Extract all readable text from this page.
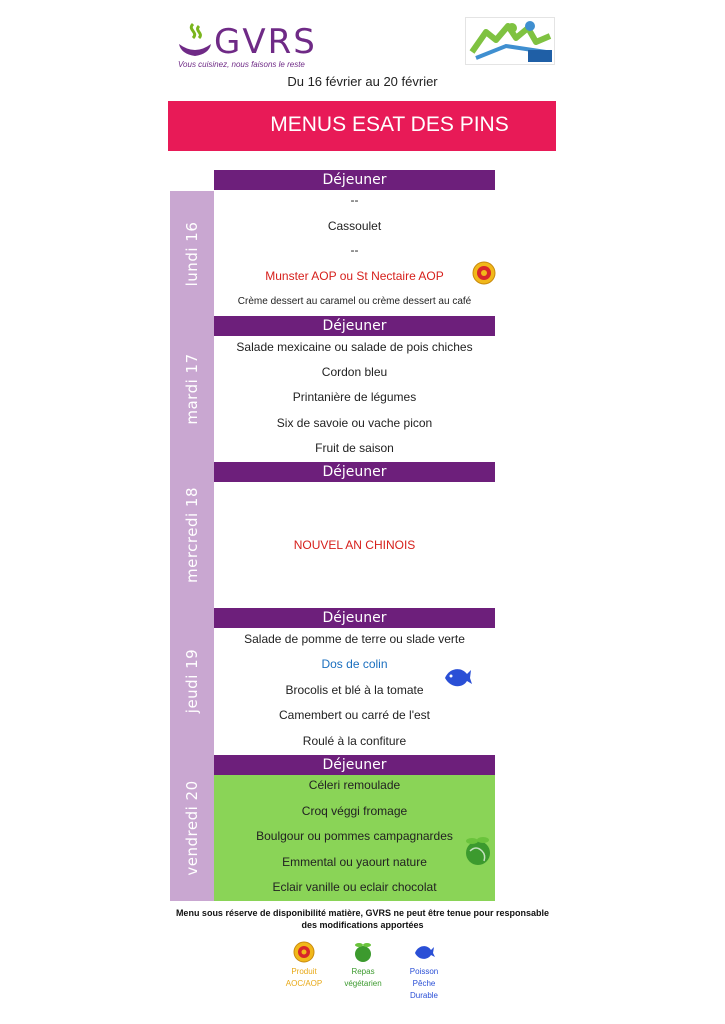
GVRS
Vous cuisinez, nous faisons le reste
Du 16 février au 20 février
MENUS ESAT DES PINS
lundi 16
mardi 17
mercredi 18
jeudi 19
vendredi 20
Déjeuner
Déjeuner
Déjeuner
Déjeuner
Déjeuner
--
Cassoulet
--
Munster AOP ou St Nectaire AOP
Crème dessert au caramel ou crème dessert au café
Salade mexicaine ou salade de pois chiches
Cordon bleu
Printanière de légumes
Six de savoie ou vache picon
Fruit de saison
NOUVEL AN CHINOIS
Salade de pomme de terre ou slade verte
Dos de colin
Brocolis et blé à la tomate
Camembert ou carré de l'est
Roulé à la confiture
Céleri remoulade
Croq véggi fromage
Boulgour ou pommes campagnardes
Emmental ou yaourt nature
Eclair vanille ou eclair chocolat
Menu sous réserve de disponibilité matière, GVRS ne peut être tenue pour responsable
des modifications apportées
Produit
AOC/AOP
Repas
végétarien
Poisson
Pêche
Durable
